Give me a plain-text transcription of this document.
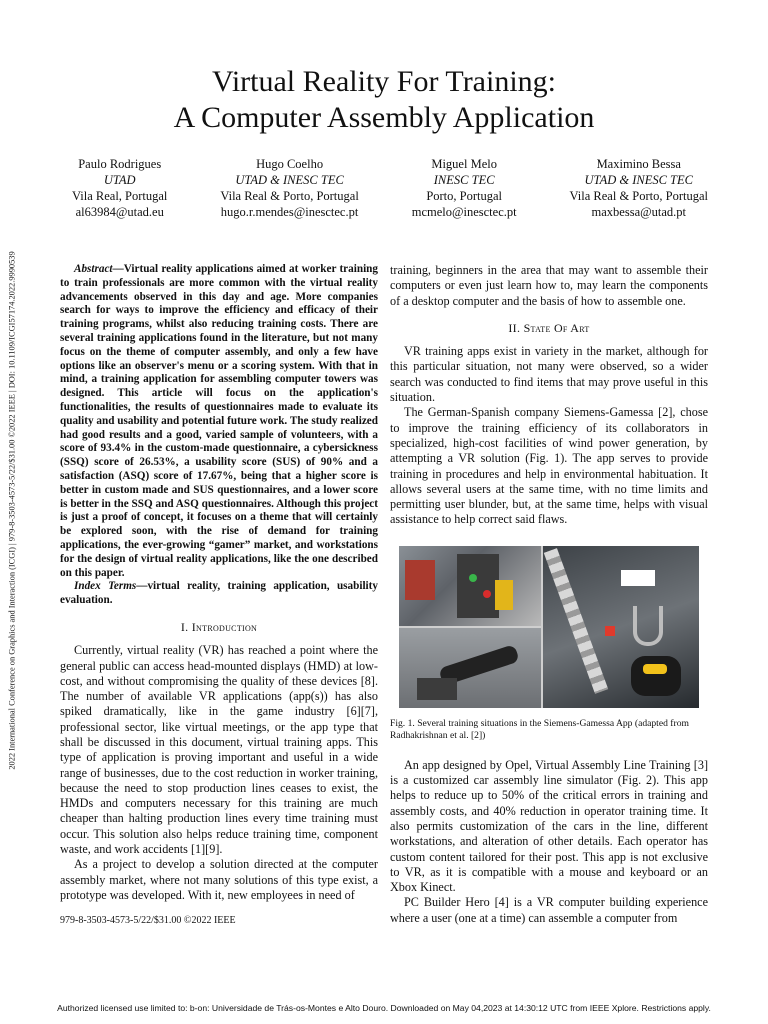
Virtual Reality For Training:
A Computer Assembly Application
Paulo Rodrigues
UTAD
Vila Real, Portugal
al63984@utad.eu
Hugo Coelho
UTAD & INESC TEC
Vila Real & Porto, Portugal
hugo.r.mendes@inesctec.pt
Miguel Melo
INESC TEC
Porto, Portugal
mcmelo@inesctec.pt
Maximino Bessa
UTAD & INESC TEC
Vila Real & Porto, Portugal
maxbessa@utad.pt
2022 International Conference on Graphics and Interaction (ICGI) | 979-8-3503-4573-5/22/$31.00 ©2022 IEEE | DOI: 10.1109/ICGI57174.2022.9990539	Abstract—Virtual reality applications aimed at worker training to train professionals are more common with the virtual reality advancements observed in this day and age. More companies search for ways to improve the efficiency and efficacy of their training programs, whilst also reducing training costs. There are several training applications found in the literature, but not many focus on the theme of computer assembly, and only a few have options like an observer's menu or a scoring system. With that in mind, a training application for assembling computer towers was designed. This article will focus on the application's functionalities, the results of questionnaires made to evaluate its quality and usability and potential future work. The study realized had good results and a good, varied sample of volunteers, with a score of 93.4% in the custom-made questionnaire, a cybersickness (SSQ) score of 26.53%, a usability score (SUS) of 90% and a satisfaction (ASQ) score of 17.67%, being that a higher score is better in custom made and SUS questionnaires, and a lower score is better in the SSQ and ASQ questionnaires. Although this project is just a proof of concept, it focuses on a theme that will certainly be explored soon, with the rise of demand for training applications, the ever-growing “gamer” market, and workstations for the design of virtual reality applications, like the one described on this paper.

Index Terms—virtual reality, training application, usability evaluation.

I. Introduction

Currently, virtual reality (VR) has reached a point where the general public can access head-mounted displays (HMD) at low-cost, and without compromising the quality of these devices [8]. The number of available VR applications (app(s)) has also spiked dramatically, like in the game industry [6][7], professional sector, like virtual meetings, or the app type that shall be discussed in this document, virtual training apps. This type of application is proving important and useful in a wide range of businesses, due to the cost reduction in worker training, because the need to stop production lines ceases to exist, the HMDs and computers necessary for this training are much cheaper than halting production lines every time training must occur. This solution also helps reduce training time, component waste, and work accidents [1][9].

As a project to develop a solution directed at the computer assembly market, where not many solutions of this type exist, a prototype was developed. With it, new employees in need of

training, beginners in the area that may want to assemble their computers or even just learn how to, may learn the components of a desktop computer and the basis of how to assemble one.

II. State Of Art

VR training apps exist in variety in the market, although for this particular situation, not many were observed, so a wider search was conducted to find items that may prove useful in this situation.

The German-Spanish company Siemens-Gamessa [2], chose to improve the training efficiency of its collaborators in specialized, high-cost facilities of wind power generation, by attempting a VR solution (Fig. 1). The app serves to provide training in procedures and help in environmental habituation. It allows several users at the same time, with no time limits and permitting user blunder, but, at the same time, helps with visual assistance to help correct said flaws.

Fig. 1. Several training situations in the Siemens-Gamessa App (adapted from Radhakrishnan et al. [2])

An app designed by Opel, Virtual Assembly Line Training [3] is a customized car assembly line simulator (Fig. 2). This app helps to reduce up to 50% of the critical errors in training and assembly costs, and 40% reduction in operator training time. It also permits customization of the cars in the line, different workstations, and alteration of other details. Each operator has custom content tailored for their post. This app is not exclusive to VR, as it is compatible with a mouse and keyboard or an Xbox Kinect.

PC Builder Hero [4] is a VR computer building experience where a user (one at a time) can assemble a computer from

979-8-3503-4573-5/22/$31.00 ©2022 IEEE
Authorized licensed use limited to: b-on: Universidade de Trás-os-Montes e Alto Douro. Downloaded on May 04,2023 at 14:30:12 UTC from IEEE Xplore. Restrictions apply.
